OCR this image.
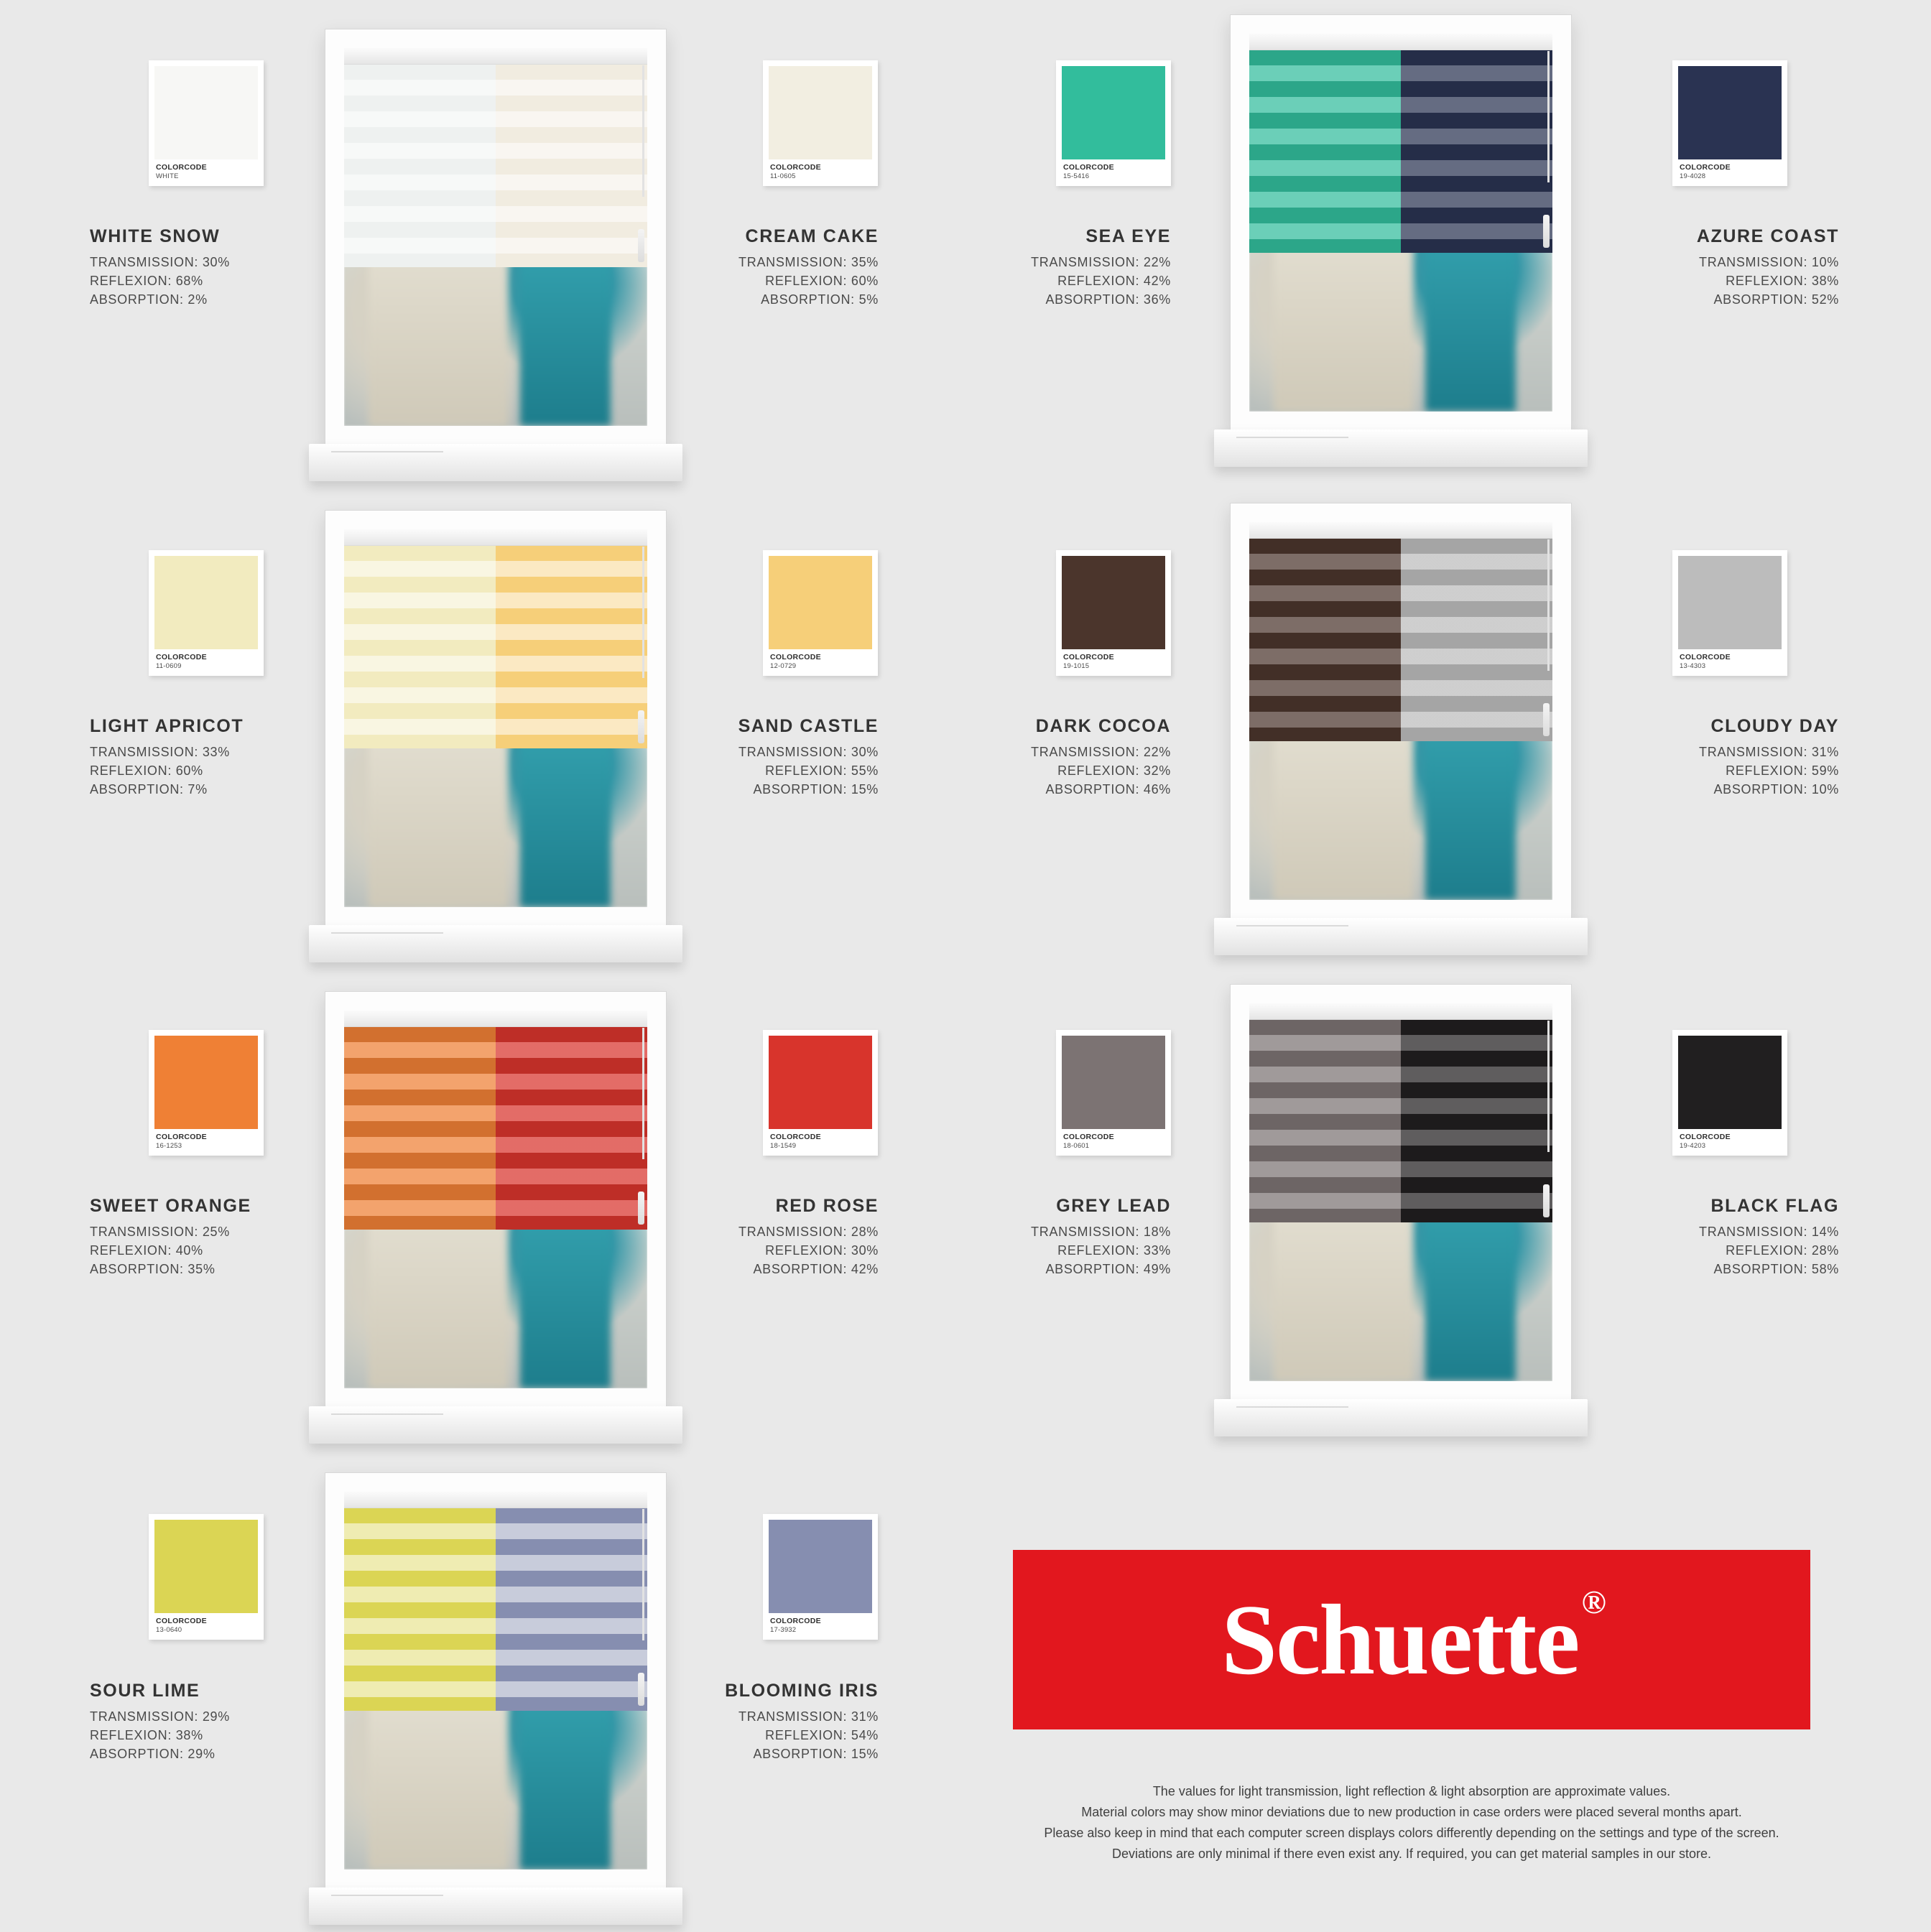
COLORCODE
WHITE
WHITE SNOW
TRANSMISSION: 30%
REFLEXION: 68%
ABSORPTION: 2%
COLORCODE
11-0605
CREAM CAKE
TRANSMISSION: 35%
REFLEXION: 60%
ABSORPTION: 5%
COLORCODE
15-5416
SEA EYE
TRANSMISSION: 22%
REFLEXION: 42%
ABSORPTION: 36%
COLORCODE
19-4028
AZURE COAST
TRANSMISSION: 10%
REFLEXION: 38%
ABSORPTION: 52%
COLORCODE
11-0609
LIGHT APRICOT
TRANSMISSION: 33%
REFLEXION: 60%
ABSORPTION: 7%
COLORCODE
12-0729
SAND CASTLE
TRANSMISSION: 30%
REFLEXION: 55%
ABSORPTION: 15%
COLORCODE
19-1015
DARK COCOA
TRANSMISSION: 22%
REFLEXION: 32%
ABSORPTION: 46%
COLORCODE
13-4303
CLOUDY DAY
TRANSMISSION: 31%
REFLEXION: 59%
ABSORPTION: 10%
COLORCODE
16-1253
SWEET ORANGE
TRANSMISSION: 25%
REFLEXION: 40%
ABSORPTION: 35%
COLORCODE
18-1549
RED ROSE
TRANSMISSION: 28%
REFLEXION: 30%
ABSORPTION: 42%
COLORCODE
18-0601
GREY LEAD
TRANSMISSION: 18%
REFLEXION: 33%
ABSORPTION: 49%
COLORCODE
19-4203
BLACK FLAG
TRANSMISSION: 14%
REFLEXION: 28%
ABSORPTION: 58%
COLORCODE
13-0640
SOUR LIME
TRANSMISSION: 29%
REFLEXION: 38%
ABSORPTION: 29%
COLORCODE
17-3932
BLOOMING IRIS
TRANSMISSION: 31%
REFLEXION: 54%
ABSORPTION: 15%
Schuette®
The values for light transmission, light reflection & light absorption are approximate values.
Material colors may show minor deviations due to new production in case orders were placed several months apart.
Please also keep in mind that each computer screen displays colors differently depending on the settings and type of the screen.
Deviations are only minimal if there even exist any. If required, you can get material samples in our store.
